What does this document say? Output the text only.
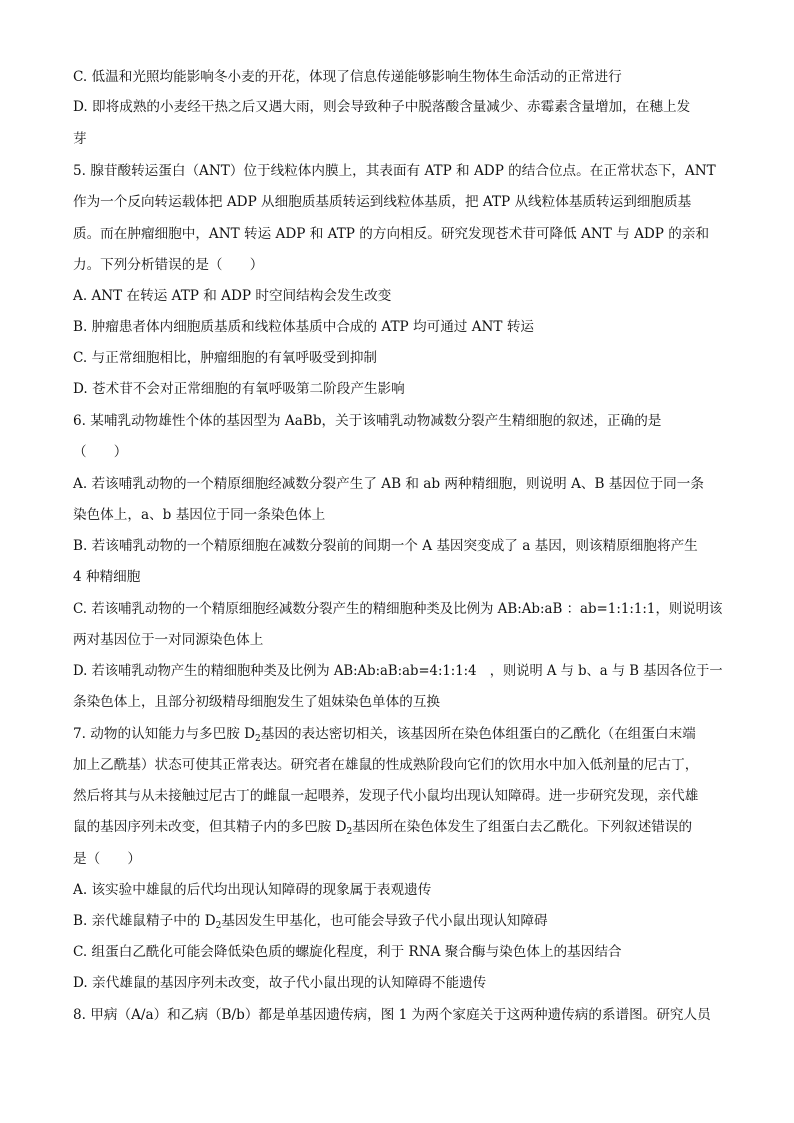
C. 低温和光照均能影响冬小麦的开花，体现了信息传递能够影响生物体生命活动的正常进行
D. 即将成熟的小麦经干热之后又遇大雨，则会导致种子中脱落酸含量减少、赤霉素含量增加，在穗上发
芽
5. 腺苷酸转运蛋白（ANT）位于线粒体内膜上，其表面有 ATP 和 ADP 的结合位点。在正常状态下，ANT
作为一个反向转运载体把 ADP 从细胞质基质转运到线粒体基质，把 ATP 从线粒体基质转运到细胞质基
质。而在肿瘤细胞中，ANT 转运 ADP 和 ATP 的方向相反。研究发现苍术苷可降低 ANT 与 ADP 的亲和
力。下列分析错误的是（　　）
A. ANT 在转运 ATP 和 ADP 时空间结构会发生改变
B. 肿瘤患者体内细胞质基质和线粒体基质中合成的 ATP 均可通过 ANT 转运
C. 与正常细胞相比，肿瘤细胞的有氧呼吸受到抑制
D. 苍术苷不会对正常细胞的有氧呼吸第二阶段产生影响
6. 某哺乳动物雄性个体的基因型为 AaBb，关于该哺乳动物减数分裂产生精细胞的叙述，正确的是
（　　）
A. 若该哺乳动物的一个精原细胞经减数分裂产生了 AB 和 ab 两种精细胞，则说明 A、B 基因位于同一条
染色体上，a、b 基因位于同一条染色体上
B. 若该哺乳动物的一个精原细胞在减数分裂前的间期一个 A 基因突变成了 a 基因，则该精原细胞将产生
4 种精细胞
C. 若该哺乳动物的一个精原细胞经减数分裂产生的精细胞种类及比例为 AB:Ab:aB ：ab=1:1:1:1，则说明该
两对基因位于一对同源染色体上
D. 若该哺乳动物产生的精细胞种类及比例为 AB:Ab:aB:ab=4:1:1:4　，则说明 A 与 b、a 与 B 基因各位于一
条染色体上，且部分初级精母细胞发生了姐妹染色单体的互换
7. 动物的认知能力与多巴胺 $D_2$基因的表达密切相关，该基因所在染色体组蛋白的乙酰化（在组蛋白末端
加上乙酰基）状态可使其正常表达。研究者在雄鼠的性成熟阶段向它们的饮用水中加入低剂量的尼古丁，
然后将其与从未接触过尼古丁的雌鼠一起喂养，发现子代小鼠均出现认知障碍。进一步研究发现，亲代雄
鼠的基因序列未改变，但其精子内的多巴胺 $D_2$基因所在染色体发生了组蛋白去乙酰化。下列叙述错误的
是（　　）
A. 该实验中雄鼠的后代均出现认知障碍的现象属于表观遗传
B. 亲代雄鼠精子中的 $D_2$基因发生甲基化，也可能会导致子代小鼠出现认知障碍
C. 组蛋白乙酰化可能会降低染色质的螺旋化程度，利于 RNA 聚合酶与染色体上的基因结合
D. 亲代雄鼠的基因序列未改变，故子代小鼠出现的认知障碍不能遗传
8. 甲病（A/a）和乙病（B/b）都是单基因遗传病，图 1 为两个家庭关于这两种遗传病的系谱图。研究人员
